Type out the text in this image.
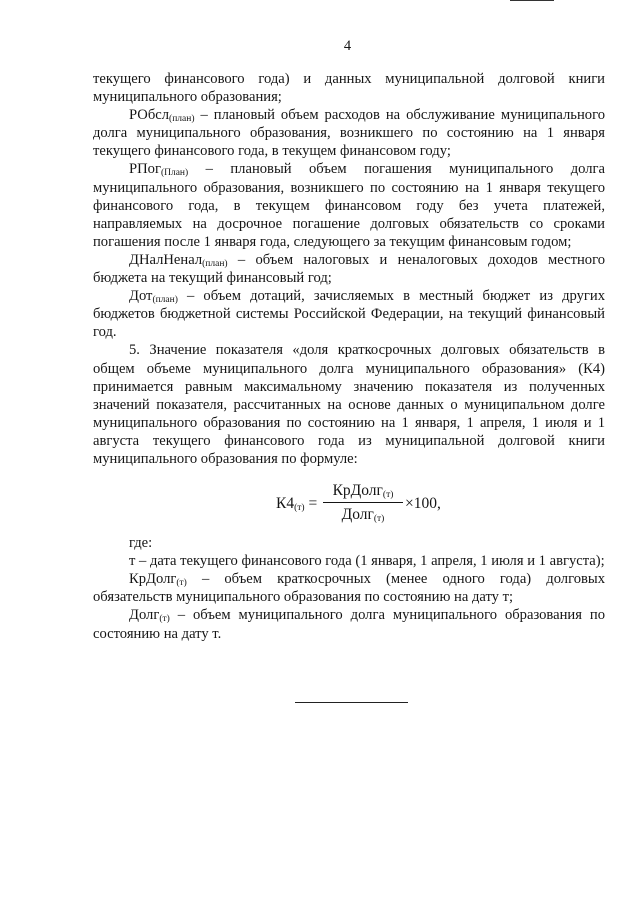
4

текущего финансового года) и данных муниципальной долговой книги муниципального образования;

РОбсл$_{(план)}$ – плановый объем расходов на обслуживание муниципального долга муниципального образования, возникшего по состоянию на 1 января текущего финансового года, в текущем финансовом году;

РПог$_{(План)}$ – плановый объем погашения муниципального долга муниципального образования, возникшего по состоянию на 1 января текущего финансового года, в текущем финансовом году без учета платежей, направляемых на досрочное погашение долговых обязательств со сроками погашения после 1 января года, следующего за текущим финансовым годом;

ДНалНенал$_{(план)}$ – объем налоговых и неналоговых доходов местного бюджета на текущий финансовый год;

Дот$_{(план)}$ – объем дотаций, зачисляемых в местный бюджет из других бюджетов бюджетной системы Российской Федерации, на текущий финансовый год.

5. Значение показателя «доля краткосрочных долговых обязательств в общем объеме муниципального долга муниципального образования» (К4) принимается равным максимальному значению показателя из полученных значений показателя, рассчитанных на основе данных о муниципальном долге муниципального образования по состоянию на 1 января, 1 апреля, 1 июля и 1 августа текущего финансового года из муниципальной долговой книги муниципального образования по формуле:

$К4_{(т)}$ =
КрДолг$_{(т)}$
Долг$_{(т)}$
×100,

где:

т – дата текущего финансового года (1 января, 1 апреля, 1 июля и 1 августа);

КрДолг$_{(т)}$ – объем краткосрочных (менее одного года) долговых обязательств муниципального образования по состоянию на дату т;

Долг$_{(т)}$ – объем муниципального долга муниципального образования по состоянию на дату т.
